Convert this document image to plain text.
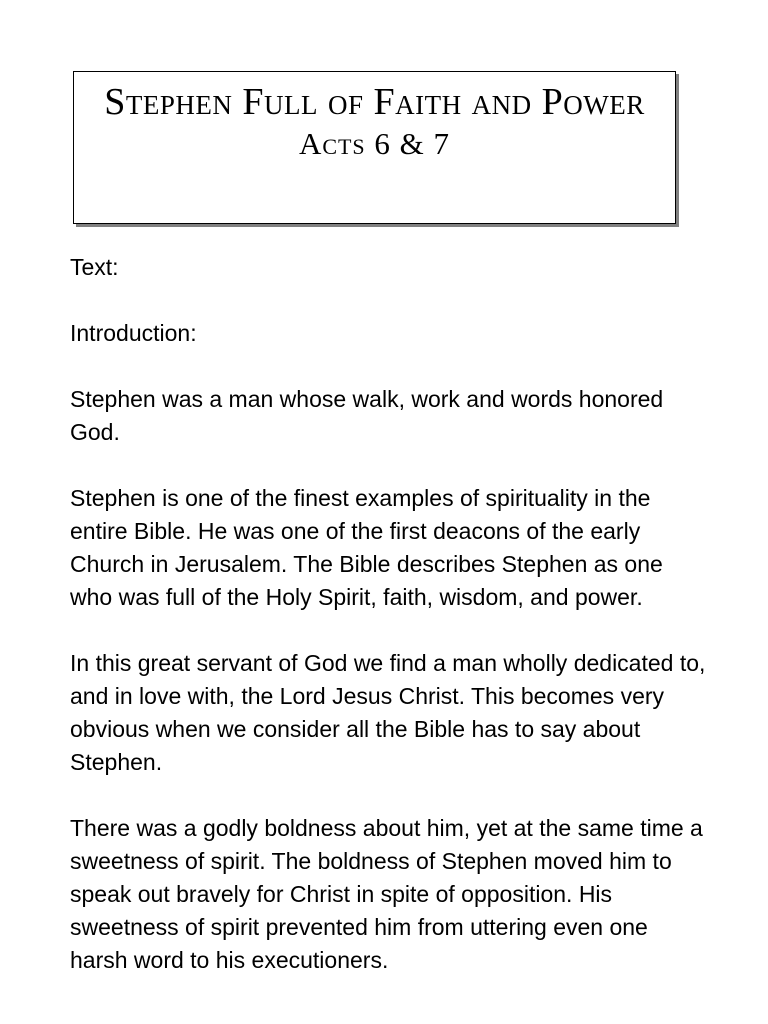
Stephen Full of Faith and Power
Acts 6 & 7

Text:

Introduction:

Stephen was a man whose walk, work and words honored God.

Stephen is one of the finest examples of spirituality in the entire Bible. He was one of the first deacons of the early Church in Jerusalem. The Bible describes Stephen as one who was full of the Holy Spirit, faith, wisdom, and power.

In this great servant of God we find a man wholly dedicated to, and in love with, the Lord Jesus Christ. This becomes very obvious when we consider all the Bible has to say about Stephen.

There was a godly boldness about him, yet at the same time a sweetness of spirit. The boldness of Stephen moved him to speak out bravely for Christ in spite of opposition. His sweetness of spirit prevented him from uttering even one harsh word to his executioners.
